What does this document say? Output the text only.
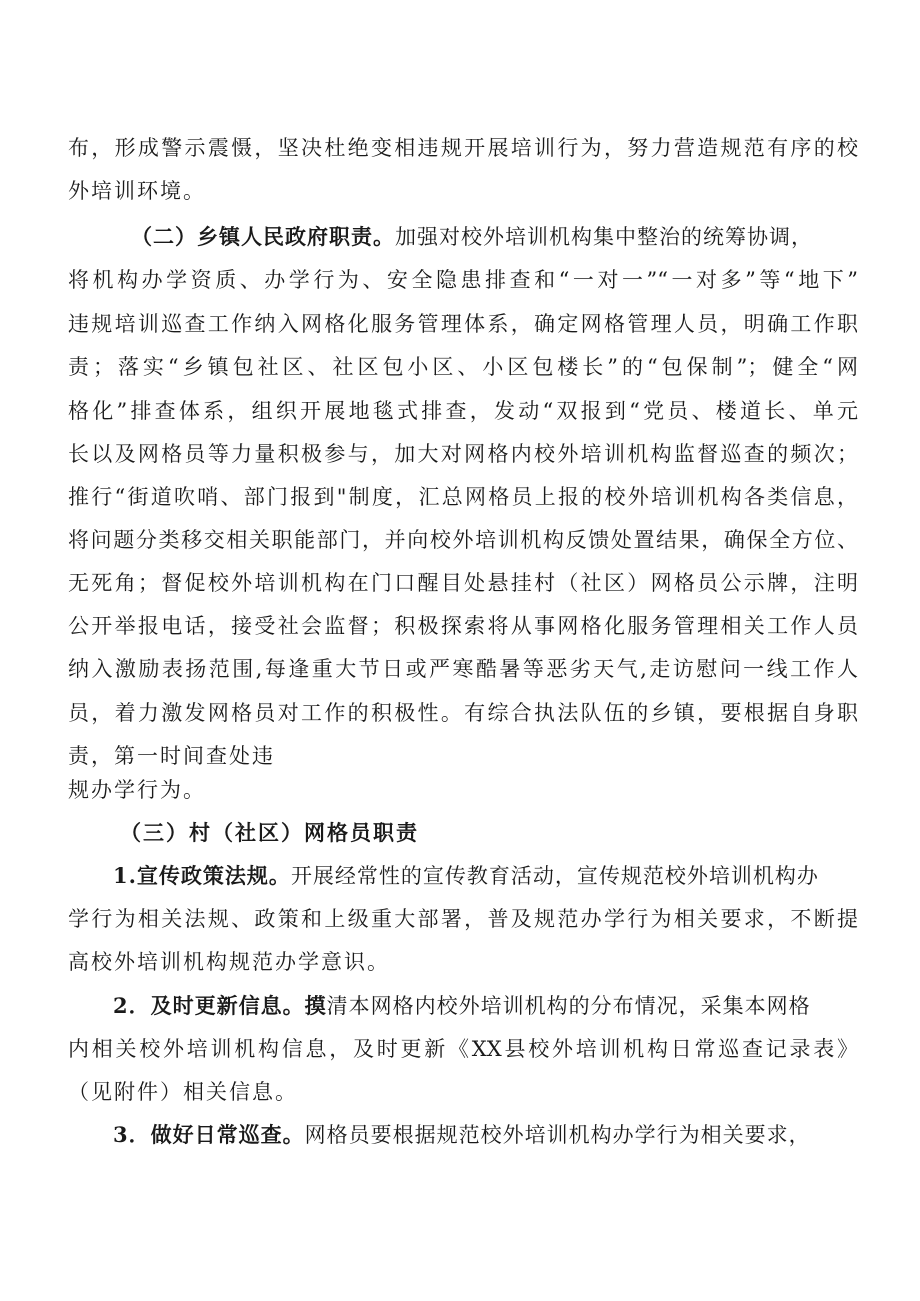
布，形成警示震慑，坚决杜绝变相违规开展培训行为，努力营造规范有序的校
外培训环境。
（二）乡镇人民政府职责。加强对校外培训机构集中整治的统筹协调，
将机构办学资质、办学行为、安全隐患排查和“一对一”“一对多”等“地下”
违规培训巡查工作纳入网格化服务管理体系，确定网格管理人员，明确工作职
责；落实“乡镇包社区、社区包小区、小区包楼长”的“包保制”；健全“网
格化”排查体系，组织开展地毯式排查，发动“双报到“党员、楼道长、单元
长以及网格员等力量积极参与，加大对网格内校外培训机构监督巡查的频次；
推行“街道吹哨、部门报到"制度，汇总网格员上报的校外培训机构各类信息，
将问题分类移交相关职能部门，并向校外培训机构反馈处置结果，确保全方位、
无死角；督促校外培训机构在门口醒目处悬挂村（社区）网格员公示牌，注明
公开举报电话，接受社会监督；积极探索将从事网格化服务管理相关工作人员
纳入激励表扬范围,每逢重大节日或严寒酷暑等恶劣天气,走访慰问一线工作人
员，着力激发网格员对工作的积极性。有综合执法队伍的乡镇，要根据自身职
责，第一时间查处违
规办学行为。
（三）村（社区）网格员职责
1.宣传政策法规。开展经常性的宣传教育活动，宣传规范校外培训机构办
学行为相关法规、政策和上级重大部署，普及规范办学行为相关要求，不断提
高校外培训机构规范办学意识。
2．及时更新信息。摸清本网格内校外培训机构的分布情况，采集本网格
内相关校外培训机构信息，及时更新《XX县校外培训机构日常巡查记录表》
（见附件）相关信息。
3．做好日常巡查。网格员要根据规范校外培训机构办学行为相关要求，
